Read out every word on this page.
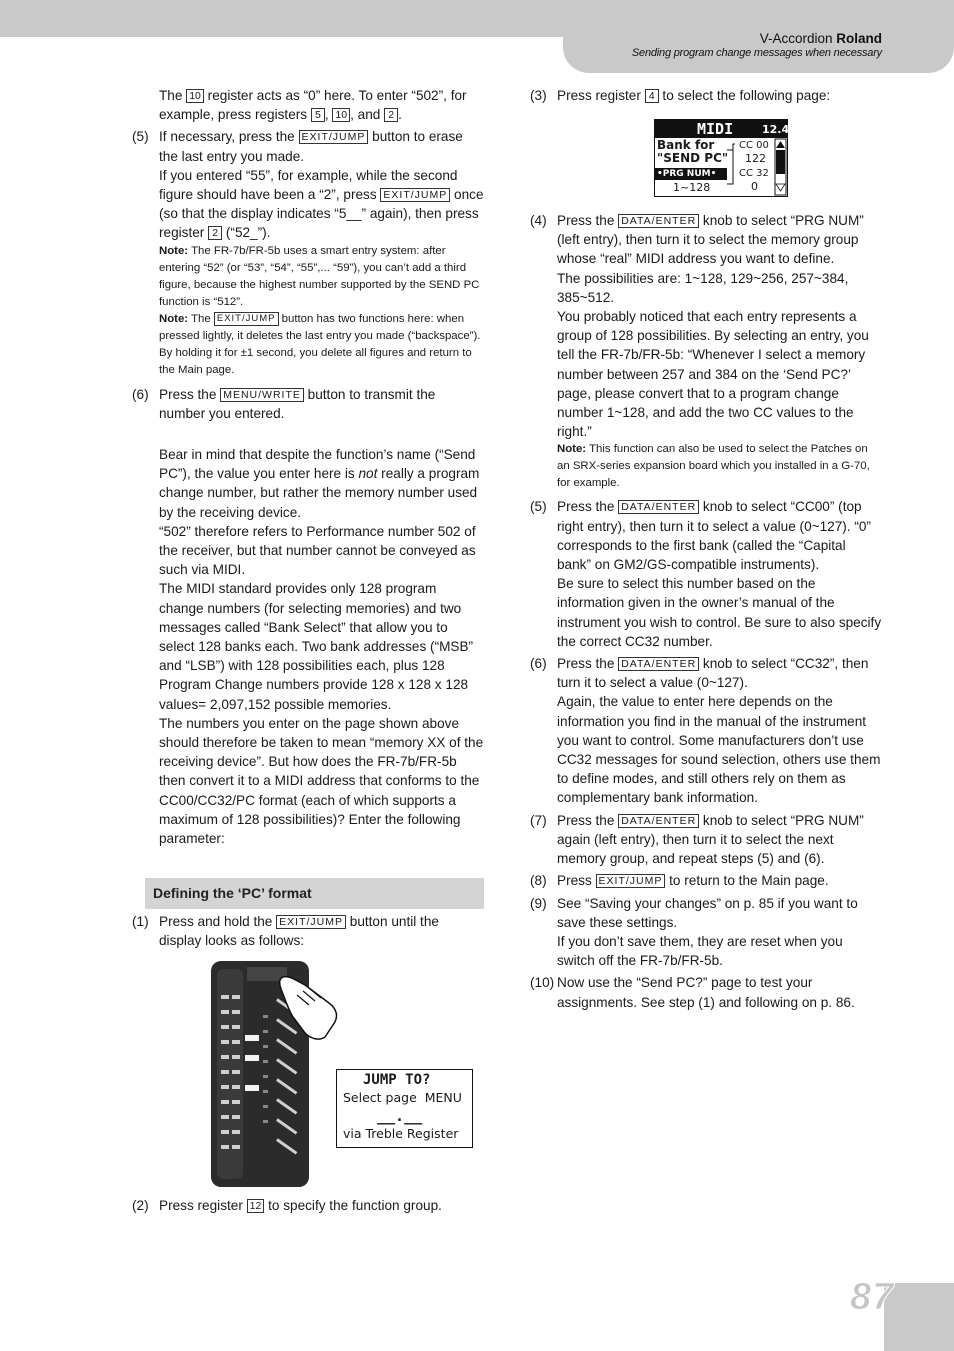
V-Accordion Roland
Sending program change messages when necessary

The 10 register acts as “0” here. To enter “502”, for example, press registers 5 , 10 , and 2 .

(5) If necessary, press the EXIT/JUMP button to erase the last entry you made.

If you entered “55”, for example, while the second figure should have been a “2”, press EXIT/JUMP once (so that the display indicates “5__” again), then press register 2 (“52_”).

Note: The FR-7b/FR-5b uses a smart entry system: after entering “52” (or “53”, “54”, “55”,... “59”), you can’t add a third figure, because the highest number supported by the SEND PC function is “512”.

Note: The EXIT/JUMP button has two functions here: when pressed lightly, it deletes the last entry you made (“backspace”). By holding it for ±1 second, you delete all figures and return to the Main page.

(6) Press the MENU/WRITE button to transmit the number you entered.

Bear in mind that despite the function’s name (“Send PC”), the value you enter here is not really a program change number, but rather the memory number used by the receiving device.

“502” therefore refers to Performance number 502 of the receiver, but that number cannot be conveyed as such via MIDI.

The MIDI standard provides only 128 program change numbers (for selecting memories) and two messages called “Bank Select” that allow you to select 128 banks each. Two bank addresses (“MSB” and “LSB”) with 128 possibilities each, plus 128 Program Change numbers provide 128 x 128 x 128 values= 2,097,152 possible memories.

The numbers you enter on the page shown above should therefore be taken to mean “memory XX of the receiving device”. But how does the FR-7b/FR-5b then convert it to a MIDI address that conforms to the CC00/CC32/PC format (each of which supports a maximum of 128 possibilities)? Enter the following parameter:

Defining the ‘PC’ format
(1) Press and hold the EXIT/JUMP button until the display looks as follows:

JUMP TO?
Select page  MENU
__.__
via Treble Register
(2) Press register 12 to specify the function group.

(3) Press register 4 to select the following page:

MIDI	12.4
Bank for
"SEND PC"
•PRG NUM•
1~128
CC 00
122
CC 32
0
(4) Press the DATA/ENTER knob to select “PRG NUM” (left entry), then turn it to select the memory group whose “real” MIDI address you want to define.

The possibilities are: 1~128, 129~256, 257~384, 385~512.

You probably noticed that each entry represents a group of 128 possibilities. By selecting an entry, you tell the FR-7b/FR-5b: “Whenever I select a memory number between 257 and 384 on the ‘Send PC?’ page, please convert that to a program change number 1~128, and add the two CC values to the right.”

Note: This function can also be used to select the Patches on an SRX-series expansion board which you installed in a G-70, for example.

(5) Press the DATA/ENTER knob to select “CC00” (top right entry), then turn it to select a value (0~127). “0” corresponds to the first bank (called the “Capital bank” on GM2/GS-compatible instruments).

Be sure to select this number based on the information given in the owner’s manual of the instrument you wish to control. Be sure to also specify the correct CC32 number.

(6) Press the DATA/ENTER knob to select “CC32”, then turn it to select a value (0~127).

Again, the value to enter here depends on the information you find in the manual of the instrument you want to control. Some manufacturers don’t use CC32 messages for sound selection, others use them to define modes, and still others rely on them as complementary bank information.

(7) Press the DATA/ENTER knob to select “PRG NUM” again (left entry), then turn it to select the next memory group, and repeat steps (5) and (6).

(8) Press EXIT/JUMP to return to the Main page.

(9) See “Saving your changes” on p. 85 if you want to save these settings.

If you don’t save them, they are reset when you switch off the FR-7b/FR-5b.

(10) Now use the “Send PC?” page to test your assignments. See step (1) and following on p. 86.

87
